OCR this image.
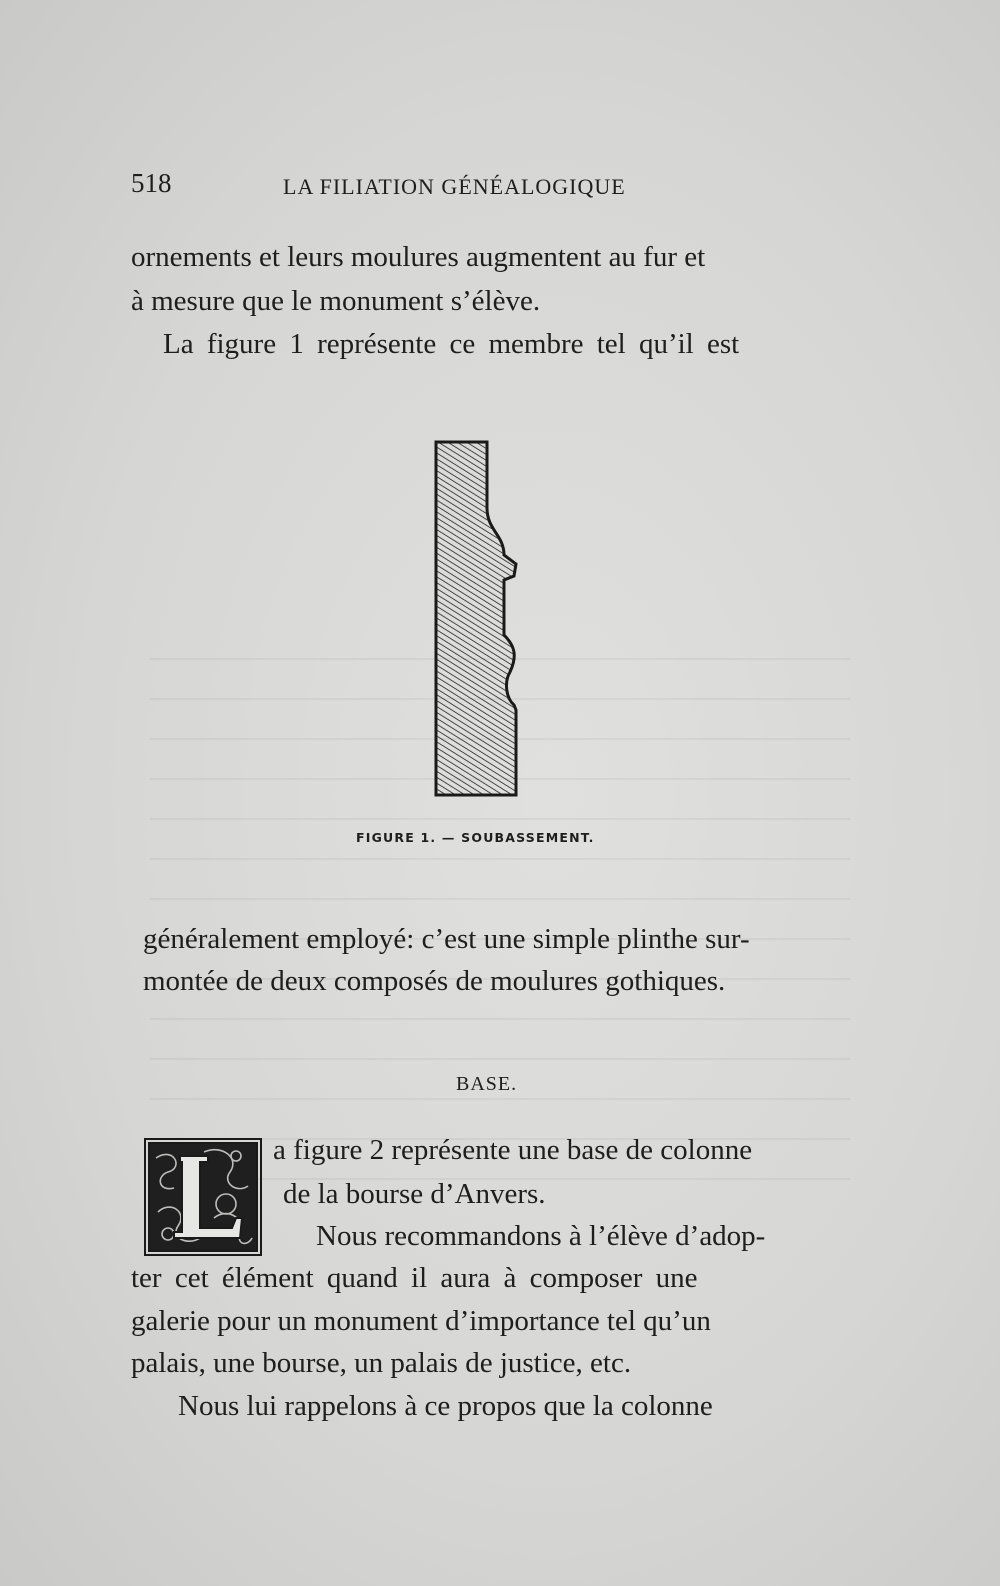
518	LA FILIATION GÉNÉALOGIQUE
ornements et leurs moulures augmentent au fur et
à mesure que le monument s’élève.
La figure 1 représente ce membre tel qu’il est
FIGURE 1. — SOUBASSEMENT.
généralement employé: c’est une simple plinthe sur-
montée de deux composés de moulures gothiques.
BASE.
a figure 2 représente une base de colonne
de la bourse d’Anvers.
Nous recommandons à l’élève d’adop-
ter cet élément quand il aura à composer une
galerie pour un monument d’importance tel qu’un
palais, une bourse, un palais de justice, etc.
Nous lui rappelons à ce propos que la colonne
